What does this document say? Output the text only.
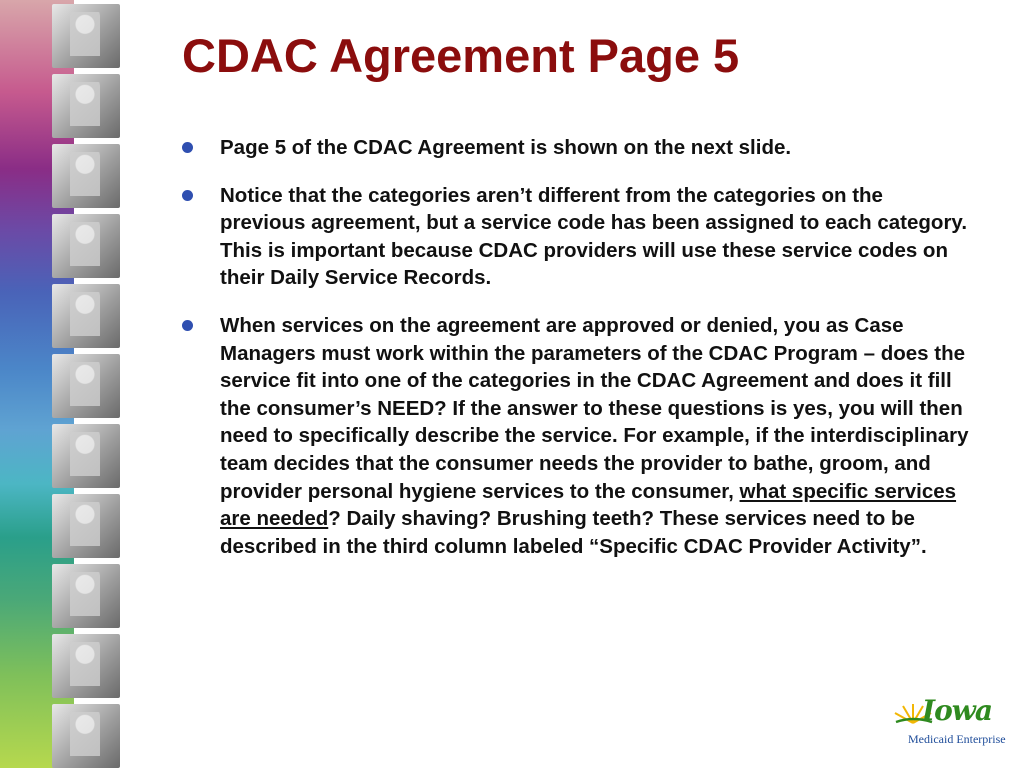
CDAC Agreement Page 5
Page 5 of the CDAC Agreement is shown on the next slide.
Notice that the categories aren’t different from the categories on the previous agreement, but a service code has been assigned to each category. This is important because CDAC providers will use these service codes on their Daily Service Records.
When services on the agreement are approved or denied, you as Case Managers must work within the parameters of the CDAC Program – does the service fit into one of the categories in the CDAC Agreement and does it fill the consumer’s NEED? If the answer to these questions is yes, you will then need to specifically describe the service. For example, if the interdisciplinary team decides that the consumer needs the provider to bathe, groom, and provider personal hygiene services to the consumer, what specific services are needed? Daily shaving? Brushing teeth? These services need to be described in the third column labeled “Specific CDAC Provider Activity”.
Iowa
Medicaid Enterprise
